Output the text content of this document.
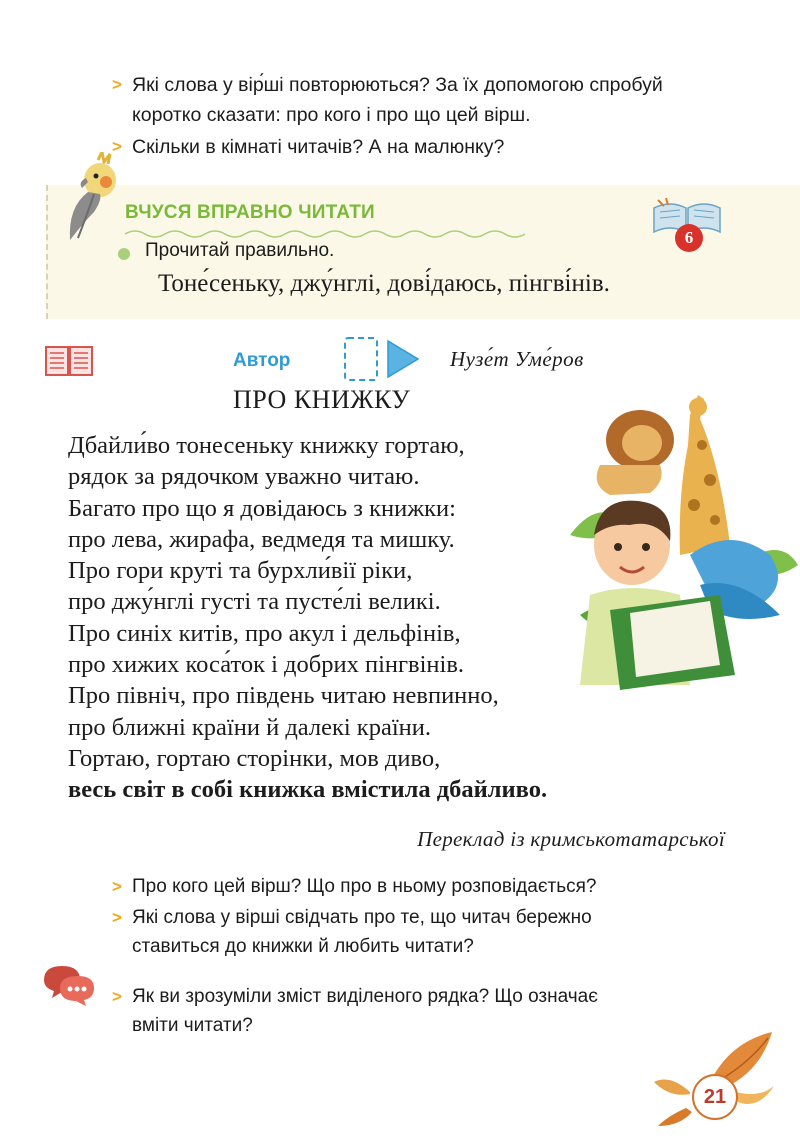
> Які слова у вір́ші повторюються? За їх допомогою спробуй
коротко сказати: про кого і про що цей вірш.
> Скільки в кімнаті читачів? А на малюнку?
ВЧУСЯ ВПРАВНО ЧИТАТИ
6
Прочитай правильно.
Тоне́сеньку, джу́нглі, дові́даюсь, пінгві́нів.
Автор	Нузе́т Уме́ров
ПРО КНИЖКУ
Дбайли́во тонесеньку книжку гортаю,
рядок за рядочком уважно читаю.
Багато про що я довідаюсь з книжки:
про лева, жирафа, ведмедя та мишку.
Про гори круті та бурхли́вії ріки,
про джу́нглі густі та пусте́лі великі.
Про синіх китів, про акул і дельфінів,
про хижих коса́ток і добрих пінгвінів.
Про північ, про південь читаю невпинно,
про ближні країни й далекі країни.
Гортаю, гортаю сторінки, мов диво,
весь світ в собі книжка вмістила дбайливо.
Переклад із кримськотатарської
> Про кого цей вірш? Що про в ньому розповідається?
> Які слова у вірші свідчать про те, що читач бережно
ставиться до книжки й любить читати?
> Як ви зрозуміли зміст виділеного рядка? Що означає
вміти читати?
21
